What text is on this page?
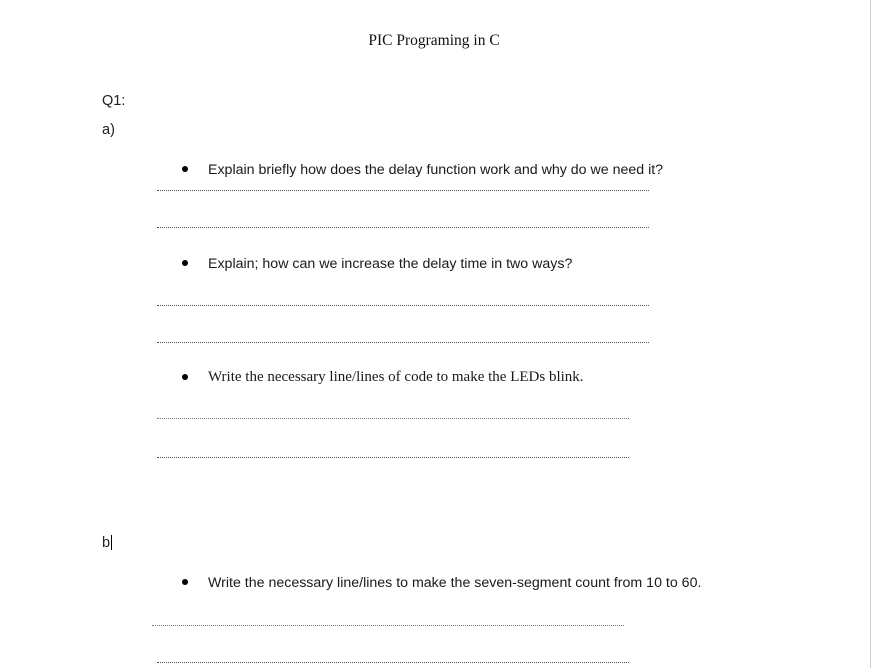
PIC Programing in C
Q1:
a)
Explain briefly how does the delay function work and why do we need it?
Explain; how can we increase the delay time in two ways?
Write the necessary line/lines of code to make the LEDs blink.
b
Write the necessary line/lines to make the seven-segment count from 10 to 60.
